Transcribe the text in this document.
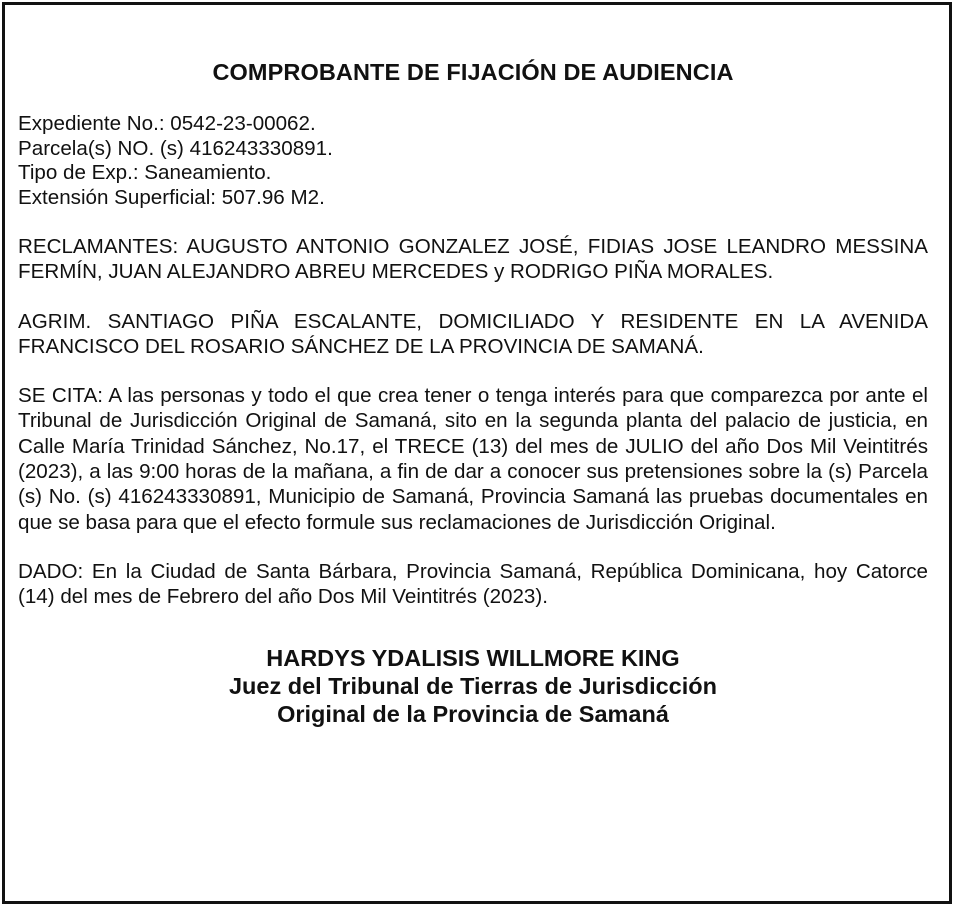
COMPROBANTE DE FIJACIÓN DE AUDIENCIA

Expediente No.: 0542-23-00062.

Parcela(s) NO. (s) 416243330891.

Tipo de Exp.: Saneamiento.

Extensión Superficial: 507.96 M2.

RECLAMANTES: AUGUSTO ANTONIO GONZALEZ JOSÉ, FIDIAS JOSE LEANDRO MESSINA FERMÍN, JUAN ALEJANDRO ABREU MERCEDES y RODRIGO PIÑA MORALES.

AGRIM. SANTIAGO PIÑA ESCALANTE, DOMICILIADO Y RESIDENTE EN LA AVENIDA FRANCISCO DEL ROSARIO SÁNCHEZ DE LA PROVINCIA DE SAMANÁ.

SE CITA: A las personas y todo el que crea tener o tenga interés para que comparezca por ante el Tribunal de Jurisdicción Original de Samaná, sito en la segunda planta del palacio de justicia, en Calle María Trinidad Sánchez, No.17, el TRECE (13) del mes de JULIO del año Dos Mil Veintitrés (2023), a las 9:00 horas de la mañana, a fin de dar a conocer sus pretensiones sobre la (s) Parcela (s) No. (s) 416243330891, Municipio de Samaná, Provincia Samaná las pruebas documentales en que se basa para que el efecto formule sus reclamaciones de Jurisdicción Original.

DADO: En la Ciudad de Santa Bárbara, Provincia Samaná, República Dominicana, hoy Catorce (14) del mes de Febrero del año Dos Mil Veintitrés (2023).

HARDYS YDALISIS WILLMORE KING
Juez del Tribunal de Tierras de Jurisdicción
Original de la Provincia de Samaná
